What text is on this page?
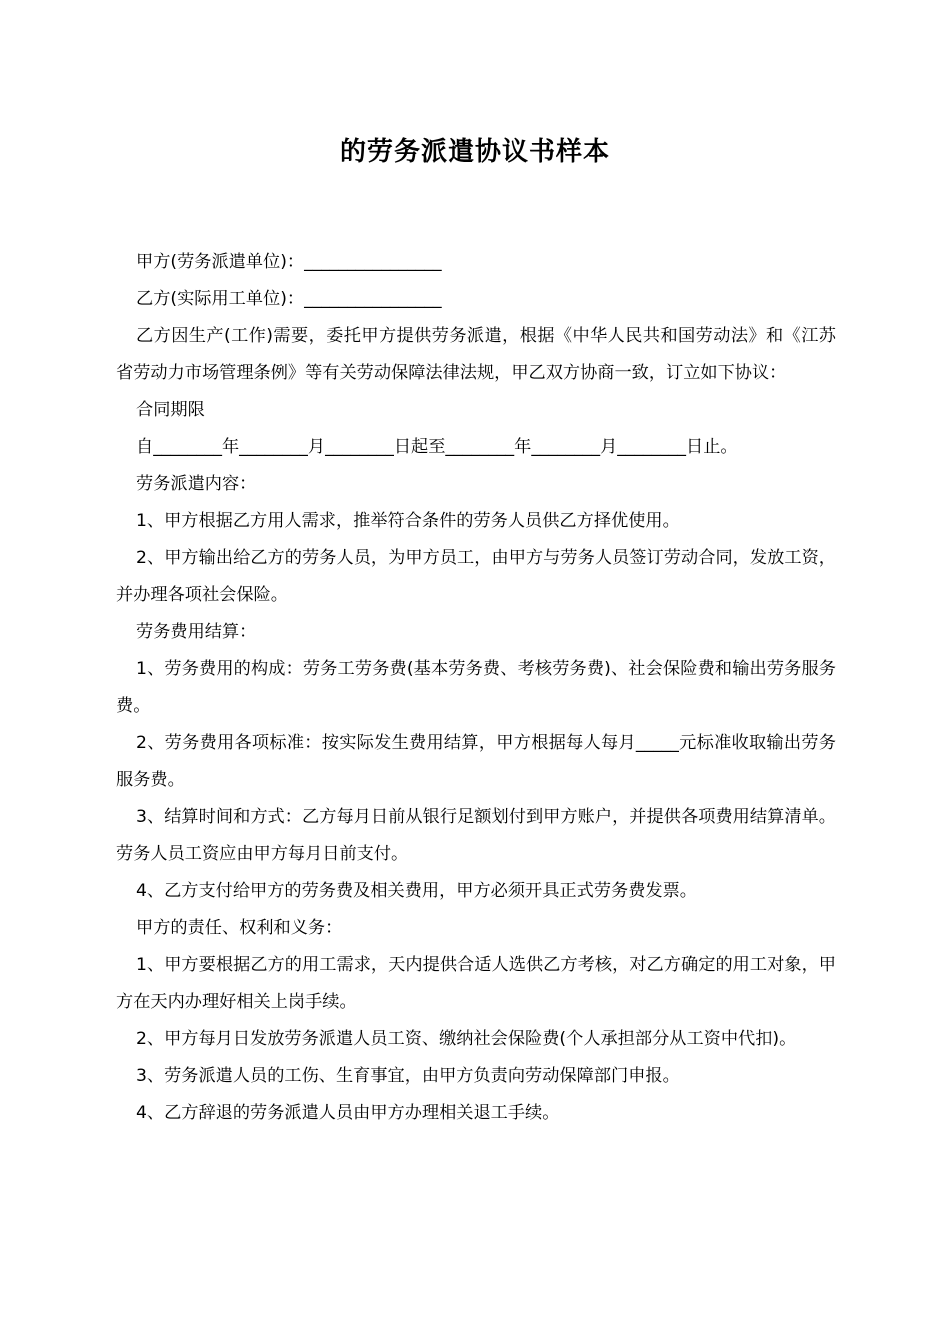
的劳务派遣协议书样本

甲方(劳务派遣单位)：________________

乙方(实际用工单位)：________________

乙方因生产(工作)需要，委托甲方提供劳务派遣，根据《中华人民共和国劳动法》和《江苏省劳动力市场管理条例》等有关劳动保障法律法规，甲乙双方协商一致，订立如下协议：

合同期限

自________年________月________日起至________年________月________日止。

劳务派遣内容：

1、甲方根据乙方用人需求，推举符合条件的劳务人员供乙方择优使用。

2、甲方输出给乙方的劳务人员，为甲方员工，由甲方与劳务人员签订劳动合同，发放工资，并办理各项社会保险。

劳务费用结算：

1、劳务费用的构成：劳务工劳务费(基本劳务费、考核劳务费)、社会保险费和输出劳务服务费。

2、劳务费用各项标准：按实际发生费用结算，甲方根据每人每月_____元标准收取输出劳务服务费。

3、结算时间和方式：乙方每月日前从银行足额划付到甲方账户，并提供各项费用结算清单。劳务人员工资应由甲方每月日前支付。

4、乙方支付给甲方的劳务费及相关费用，甲方必须开具正式劳务费发票。

甲方的责任、权利和义务：

1、甲方要根据乙方的用工需求，天内提供合适人选供乙方考核，对乙方确定的用工对象，甲方在天内办理好相关上岗手续。

2、甲方每月日发放劳务派遣人员工资、缴纳社会保险费(个人承担部分从工资中代扣)。

3、劳务派遣人员的工伤、生育事宜，由甲方负责向劳动保障部门申报。

4、乙方辞退的劳务派遣人员由甲方办理相关退工手续。
